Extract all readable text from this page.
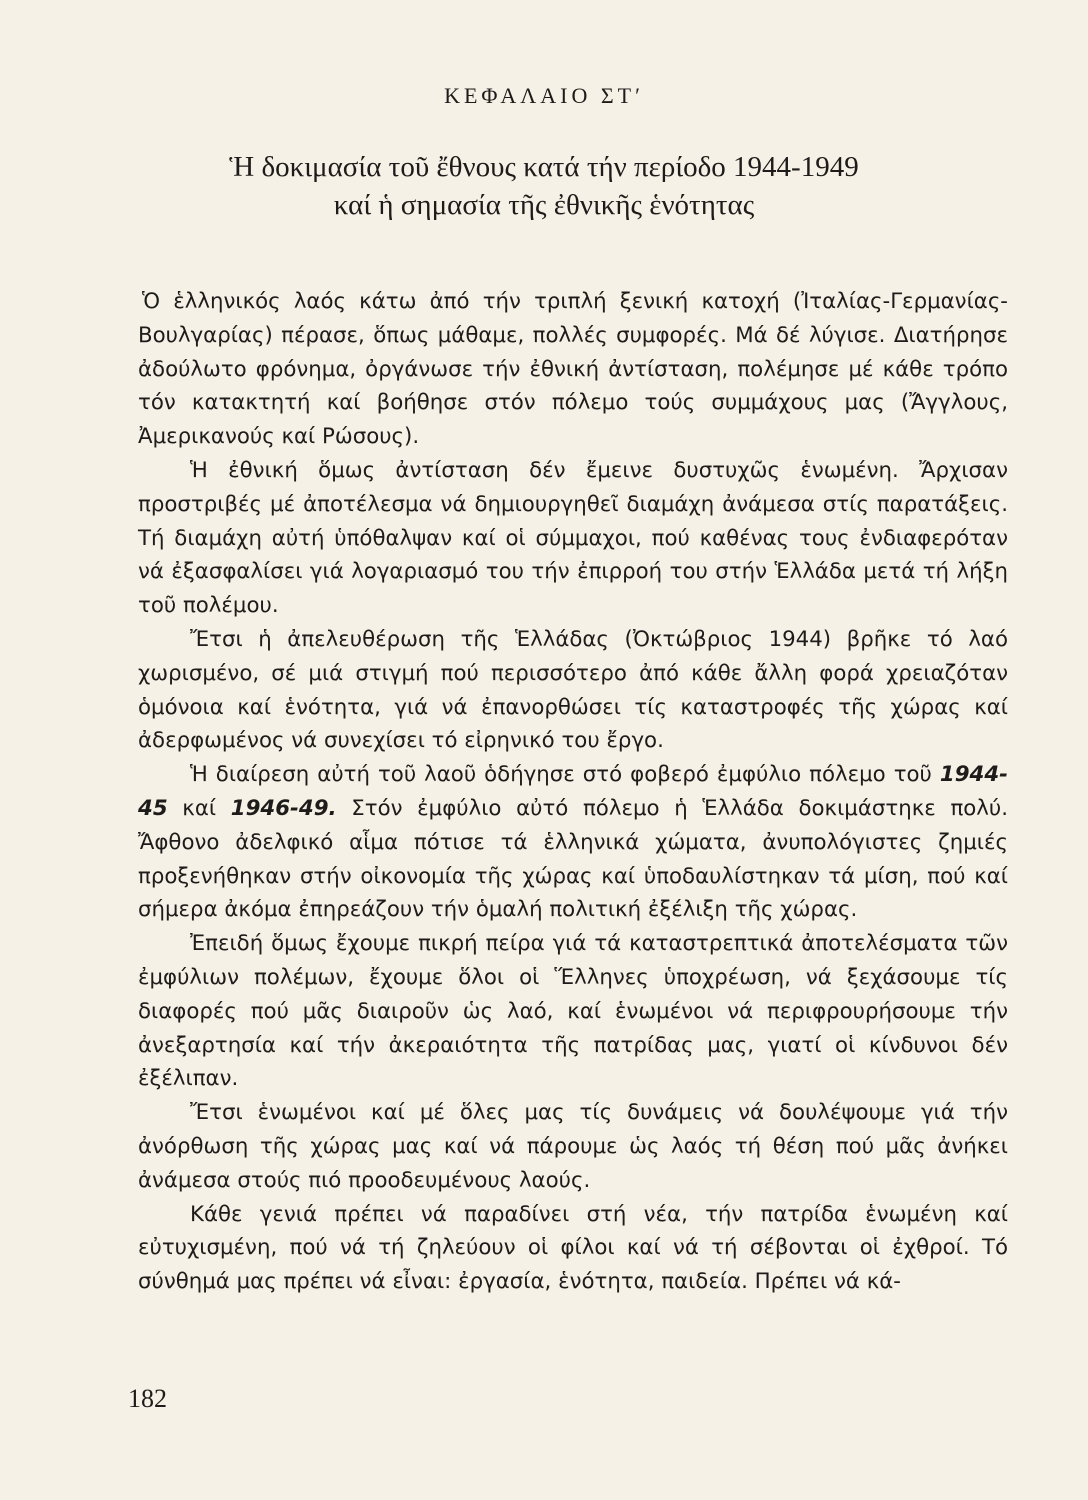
ΚΕΦΑΛΑΙΟ ΣΤ′
Ἡ δοκιμασία τοῦ ἔθνους κατά τήν περίοδο 1944-1949
καί ἡ σημασία τῆς ἐθνικῆς ἑνότητας

Ὁ ἑλληνικός λαός κάτω ἀπό τήν τριπλή ξενική κατοχή (Ἰταλίας-Γερμανίας-Βουλγαρίας) πέρασε, ὅπως μάθαμε, πολλές συμφορές. Μά δέ λύγισε. Διατήρησε ἀδούλωτο φρόνημα, ὀργάνωσε τήν ἐθνική ἀντίσταση, πολέμησε μέ κάθε τρόπο τόν κατακτητή καί βοήθησε στόν πόλεμο τούς συμμάχους μας (Ἄγγλους, Ἀμερικανούς καί Ρώσους).

Ἡ ἐθνική ὅμως ἀντίσταση δέν ἔμεινε δυστυχῶς ἑνωμένη. Ἄρχισαν προστριβές μέ ἀποτέλεσμα νά δημιουργηθεῖ διαμάχη ἀνάμεσα στίς παρατάξεις. Τή διαμάχη αὐτή ὑπόθαλψαν καί οἱ σύμμαχοι, πού καθένας τους ἐνδιαφερόταν νά ἐξασφαλίσει γιά λογαριασμό του τήν ἐπιρροή του στήν Ἑλλάδα μετά τή λήξη τοῦ πολέμου.

Ἔτσι ἡ ἀπελευθέρωση τῆς Ἑλλάδας (Ὀκτώβριος 1944) βρῆκε τό λαό χωρισμένο, σέ μιά στιγμή πού περισσότερο ἀπό κάθε ἄλλη φορά χρειαζόταν ὁμόνοια καί ἑνότητα, γιά νά ἐπανορθώσει τίς καταστροφές τῆς χώρας καί ἀδερφωμένος νά συνεχίσει τό εἰρηνικό του ἔργο.

Ἡ διαίρεση αὐτή τοῦ λαοῦ ὁδήγησε στό φοβερό ἐμφύλιο πόλεμο τοῦ 1944-45 καί 1946-49. Στόν ἐμφύλιο αὐτό πόλεμο ἡ Ἑλλάδα δοκιμάστηκε πολύ. Ἄφθονο ἀδελφικό αἷμα πότισε τά ἑλληνικά χώματα, ἀνυπολόγιστες ζημιές προξενήθηκαν στήν οἰκονομία τῆς χώρας καί ὑποδαυλίστηκαν τά μίση, πού καί σήμερα ἀκόμα ἐπηρεάζουν τήν ὁμαλή πολιτική ἐξέλιξη τῆς χώρας.

Ἐπειδή ὅμως ἔχουμε πικρή πείρα γιά τά καταστρεπτικά ἀποτελέσματα τῶν ἐμφύλιων πολέμων, ἔχουμε ὅλοι οἱ Ἕλληνες ὑποχρέωση, νά ξεχάσουμε τίς διαφορές πού μᾶς διαιροῦν ὡς λαό, καί ἑνωμένοι νά περιφρουρήσουμε τήν ἀνεξαρτησία καί τήν ἀκεραιότητα τῆς πατρίδας μας, γιατί οἱ κίνδυνοι δέν ἐξέλιπαν.

Ἔτσι ἑνωμένοι καί μέ ὅλες μας τίς δυνάμεις νά δουλέψουμε γιά τήν ἀνόρθωση τῆς χώρας μας καί νά πάρουμε ὡς λαός τή θέση πού μᾶς ἀνήκει ἀνάμεσα στούς πιό προοδευμένους λαούς.

Κάθε γενιά πρέπει νά παραδίνει στή νέα, τήν πατρίδα ἑνωμένη καί εὐτυχισμένη, πού νά τή ζηλεύουν οἱ φίλοι καί νά τή σέβονται οἱ ἐχθροί. Τό σύνθημά μας πρέπει νά εἶναι: ἐργασία, ἑνότητα, παιδεία. Πρέπει νά κά-

182
